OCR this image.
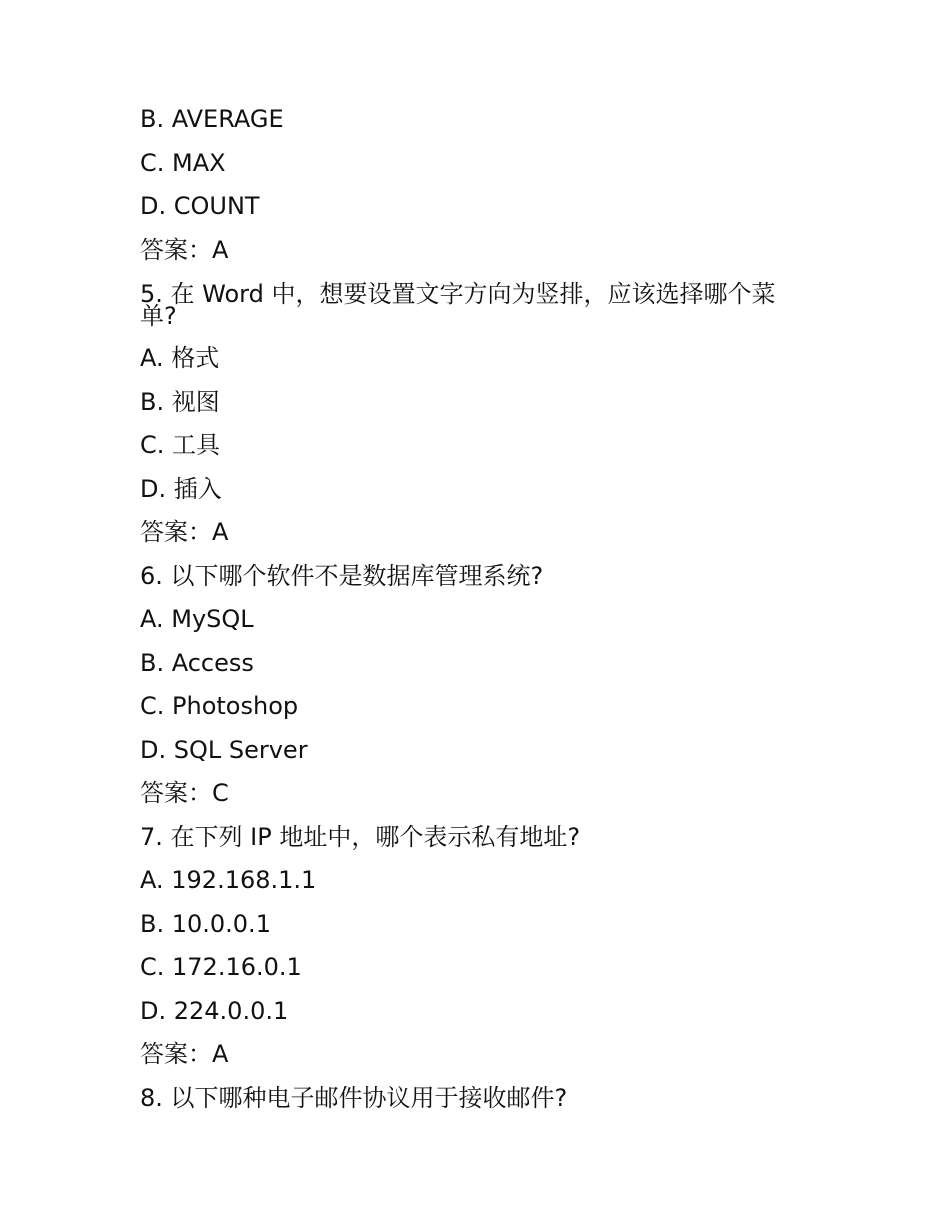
B. AVERAGE
C. MAX
D. COUNT
答案：A
5. 在 Word 中，想要设置文字方向为竖排，应该选择哪个菜单?
A. 格式
B. 视图
C. 工具
D. 插入
答案：A
6. 以下哪个软件不是数据库管理系统?
A. MySQL
B. Access
C. Photoshop
D. SQL Server
答案：C
7. 在下列 IP 地址中，哪个表示私有地址?
A. 192.168.1.1
B. 10.0.0.1
C. 172.16.0.1
D. 224.0.0.1
答案：A
8. 以下哪种电子邮件协议用于接收邮件?
